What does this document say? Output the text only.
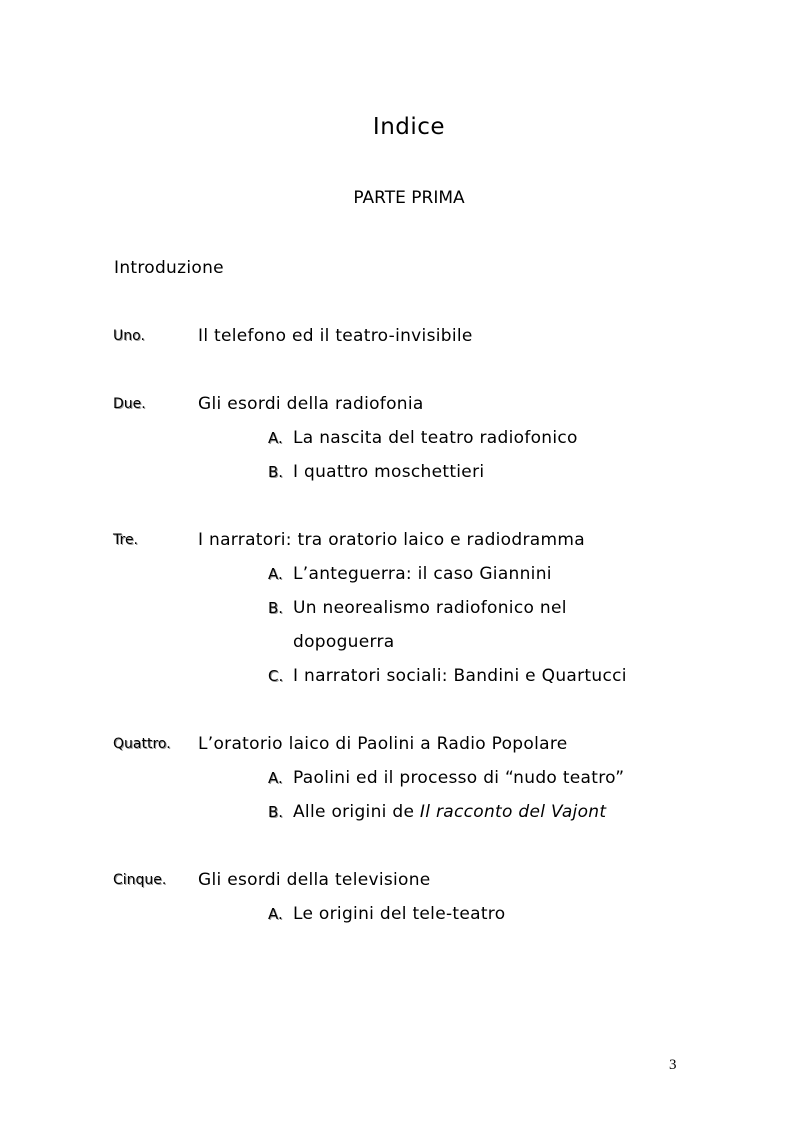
Indice
PARTE PRIMA
Introduzione
Uno.	Il telefono ed il teatro-invisibile
Due.	Gli esordi della radiofonia
A. La nascita del teatro radiofonico
B. I quattro moschettieri
Tre.	I narratori: tra oratorio laico e radiodramma
A. L’anteguerra: il caso Giannini
B. Un neorealismo radiofonico nel
dopoguerra
C. I narratori sociali: Bandini e Quartucci
Quattro. L’oratorio laico di Paolini a Radio Popolare
A. Paolini ed il processo di “nudo teatro”
B. Alle origini de Il racconto del Vajont
Cinque. Gli esordi della televisione
A. Le origini del tele-teatro
3
